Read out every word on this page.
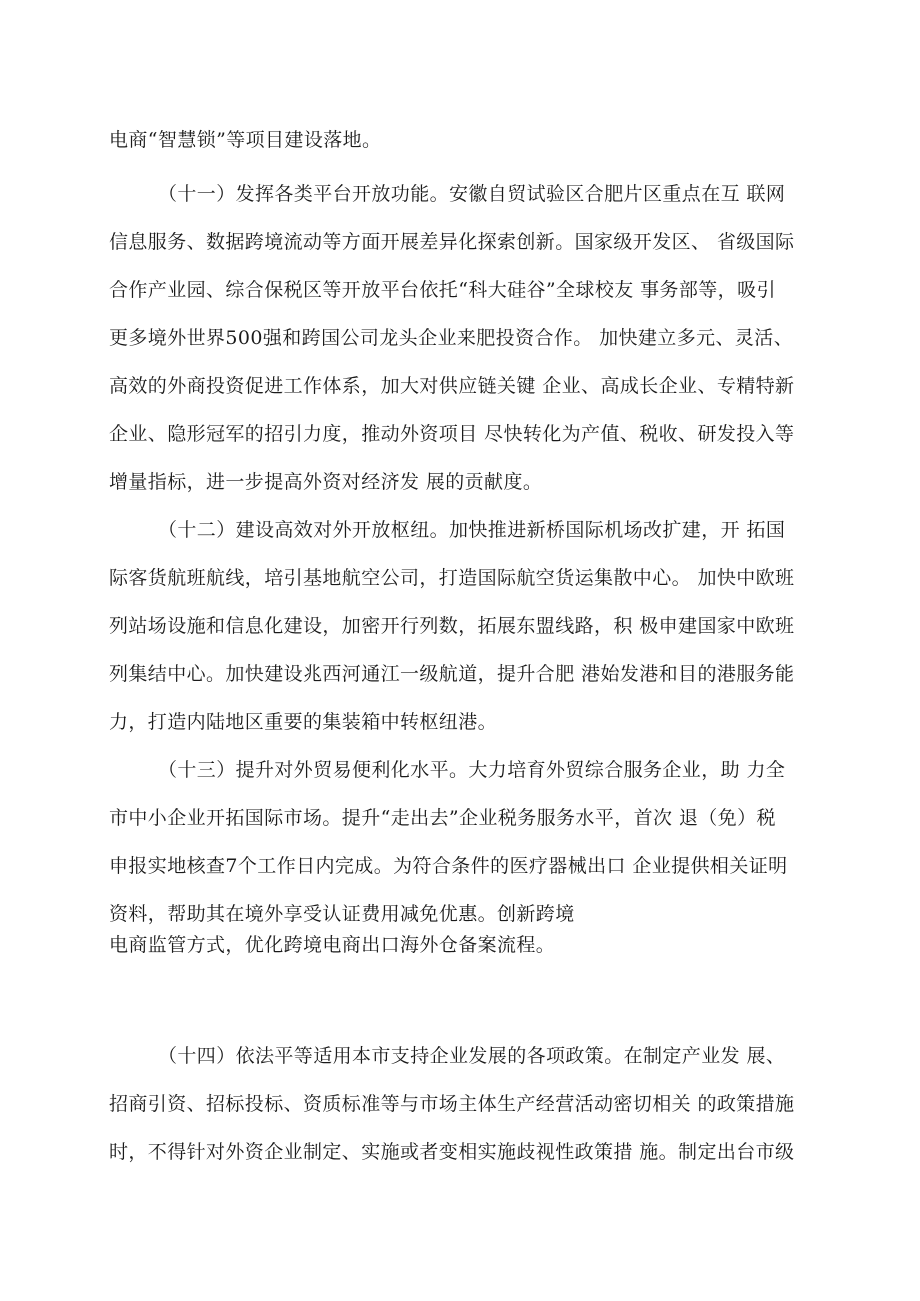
电商“智慧锁”等项目建设落地。
（十一）发挥各类平台开放功能。安徽自贸试验区合肥片区重点在互 联网
信息服务、数据跨境流动等方面开展差异化探索创新。国家级开发区、 省级国际
合作产业园、综合保税区等开放平台依托“科大硅谷”全球校友 事务部等，吸引
更多境外世界500强和跨国公司龙头企业来肥投资合作。 加快建立多元、灵活、
高效的外商投资促进工作体系，加大对供应链关键 企业、高成长企业、专精特新
企业、隐形冠军的招引力度，推动外资项目 尽快转化为产值、税收、研发投入等
增量指标，进一步提高外资对经济发 展的贡献度。
（十二）建设高效对外开放枢纽。加快推进新桥国际机场改扩建，开 拓国
际客货航班航线，培引基地航空公司，打造国际航空货运集散中心。 加快中欧班
列站场设施和信息化建设，加密开行列数，拓展东盟线路，积 极申建国家中欧班
列集结中心。加快建设兆西河通江一级航道，提升合肥 港始发港和目的港服务能
力，打造内陆地区重要的集装箱中转枢纽港。
（十三）提升对外贸易便利化水平。大力培育外贸综合服务企业，助 力全
市中小企业开拓国际市场。提升“走出去”企业税务服务水平，首次 退（免）税
申报实地核查7个工作日内完成。为符合条件的医疗器械出口 企业提供相关证明
资料，帮助其在境外享受认证费用减免优惠。创新跨境
电商监管方式，优化跨境电商出口海外仓备案流程。
（十四）依法平等适用本市支持企业发展的各项政策。在制定产业发 展、
招商引资、招标投标、资质标准等与市场主体生产经营活动密切相关 的政策措施
时，不得针对外资企业制定、实施或者变相实施歧视性政策措 施。制定出台市级
